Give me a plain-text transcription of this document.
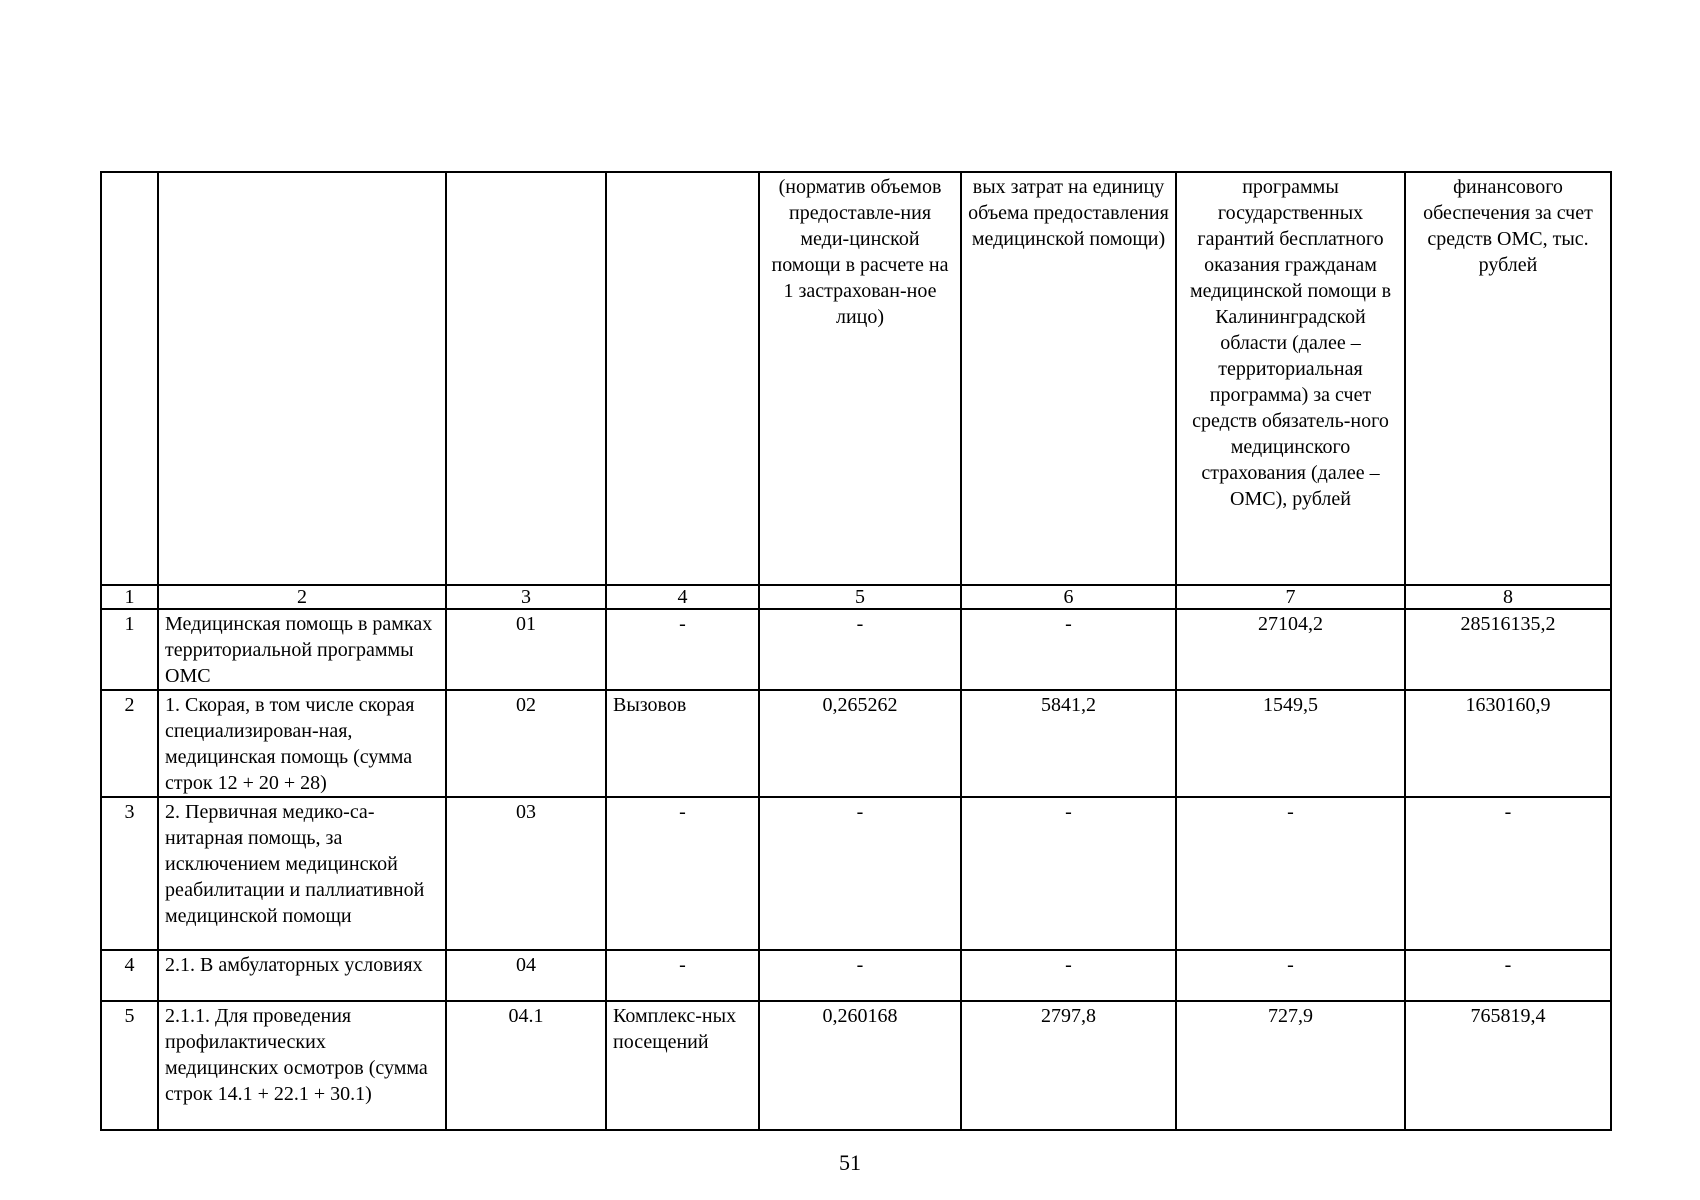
				(норматив объемов предоставле-ния меди-цинской помощи в расчете на 1 застрахован-ное лицо)	вых затрат на единицу объема предоставления медицинской помощи)	программы государственных гарантий бесплатного оказания гражданам медицинской помощи в Калининградской области (далее – территориальная программа) за счет средств обязатель-ного медицинского страхования (далее – ОМС), рублей	финансового обеспечения за счет средств ОМС, тыс. рублей
1	2	3	4	5	6	7	8
1	Медицинская помощь в рамках территориальной программы ОМС	01	-	-	-	27104,2	28516135,2
2	1. Скорая, в том числе скорая специализирован-ная, медицинская помощь (сумма строк 12 + 20 + 28)	02	Вызовов	0,265262	5841,2	1549,5	1630160,9
3	2. Первичная медико-са-нитарная помощь, за исключением медицинской реабилитации и паллиативной медицинской помощи	03	-	-	-	-	-
4	2.1. В амбулаторных условиях	04	-	-	-	-	-
5	2.1.1. Для проведения профилактических медицинских осмотров (сумма строк 14.1 + 22.1 + 30.1)	04.1	Комплекс-ных посещений	0,260168	2797,8	727,9	765819,4
51
